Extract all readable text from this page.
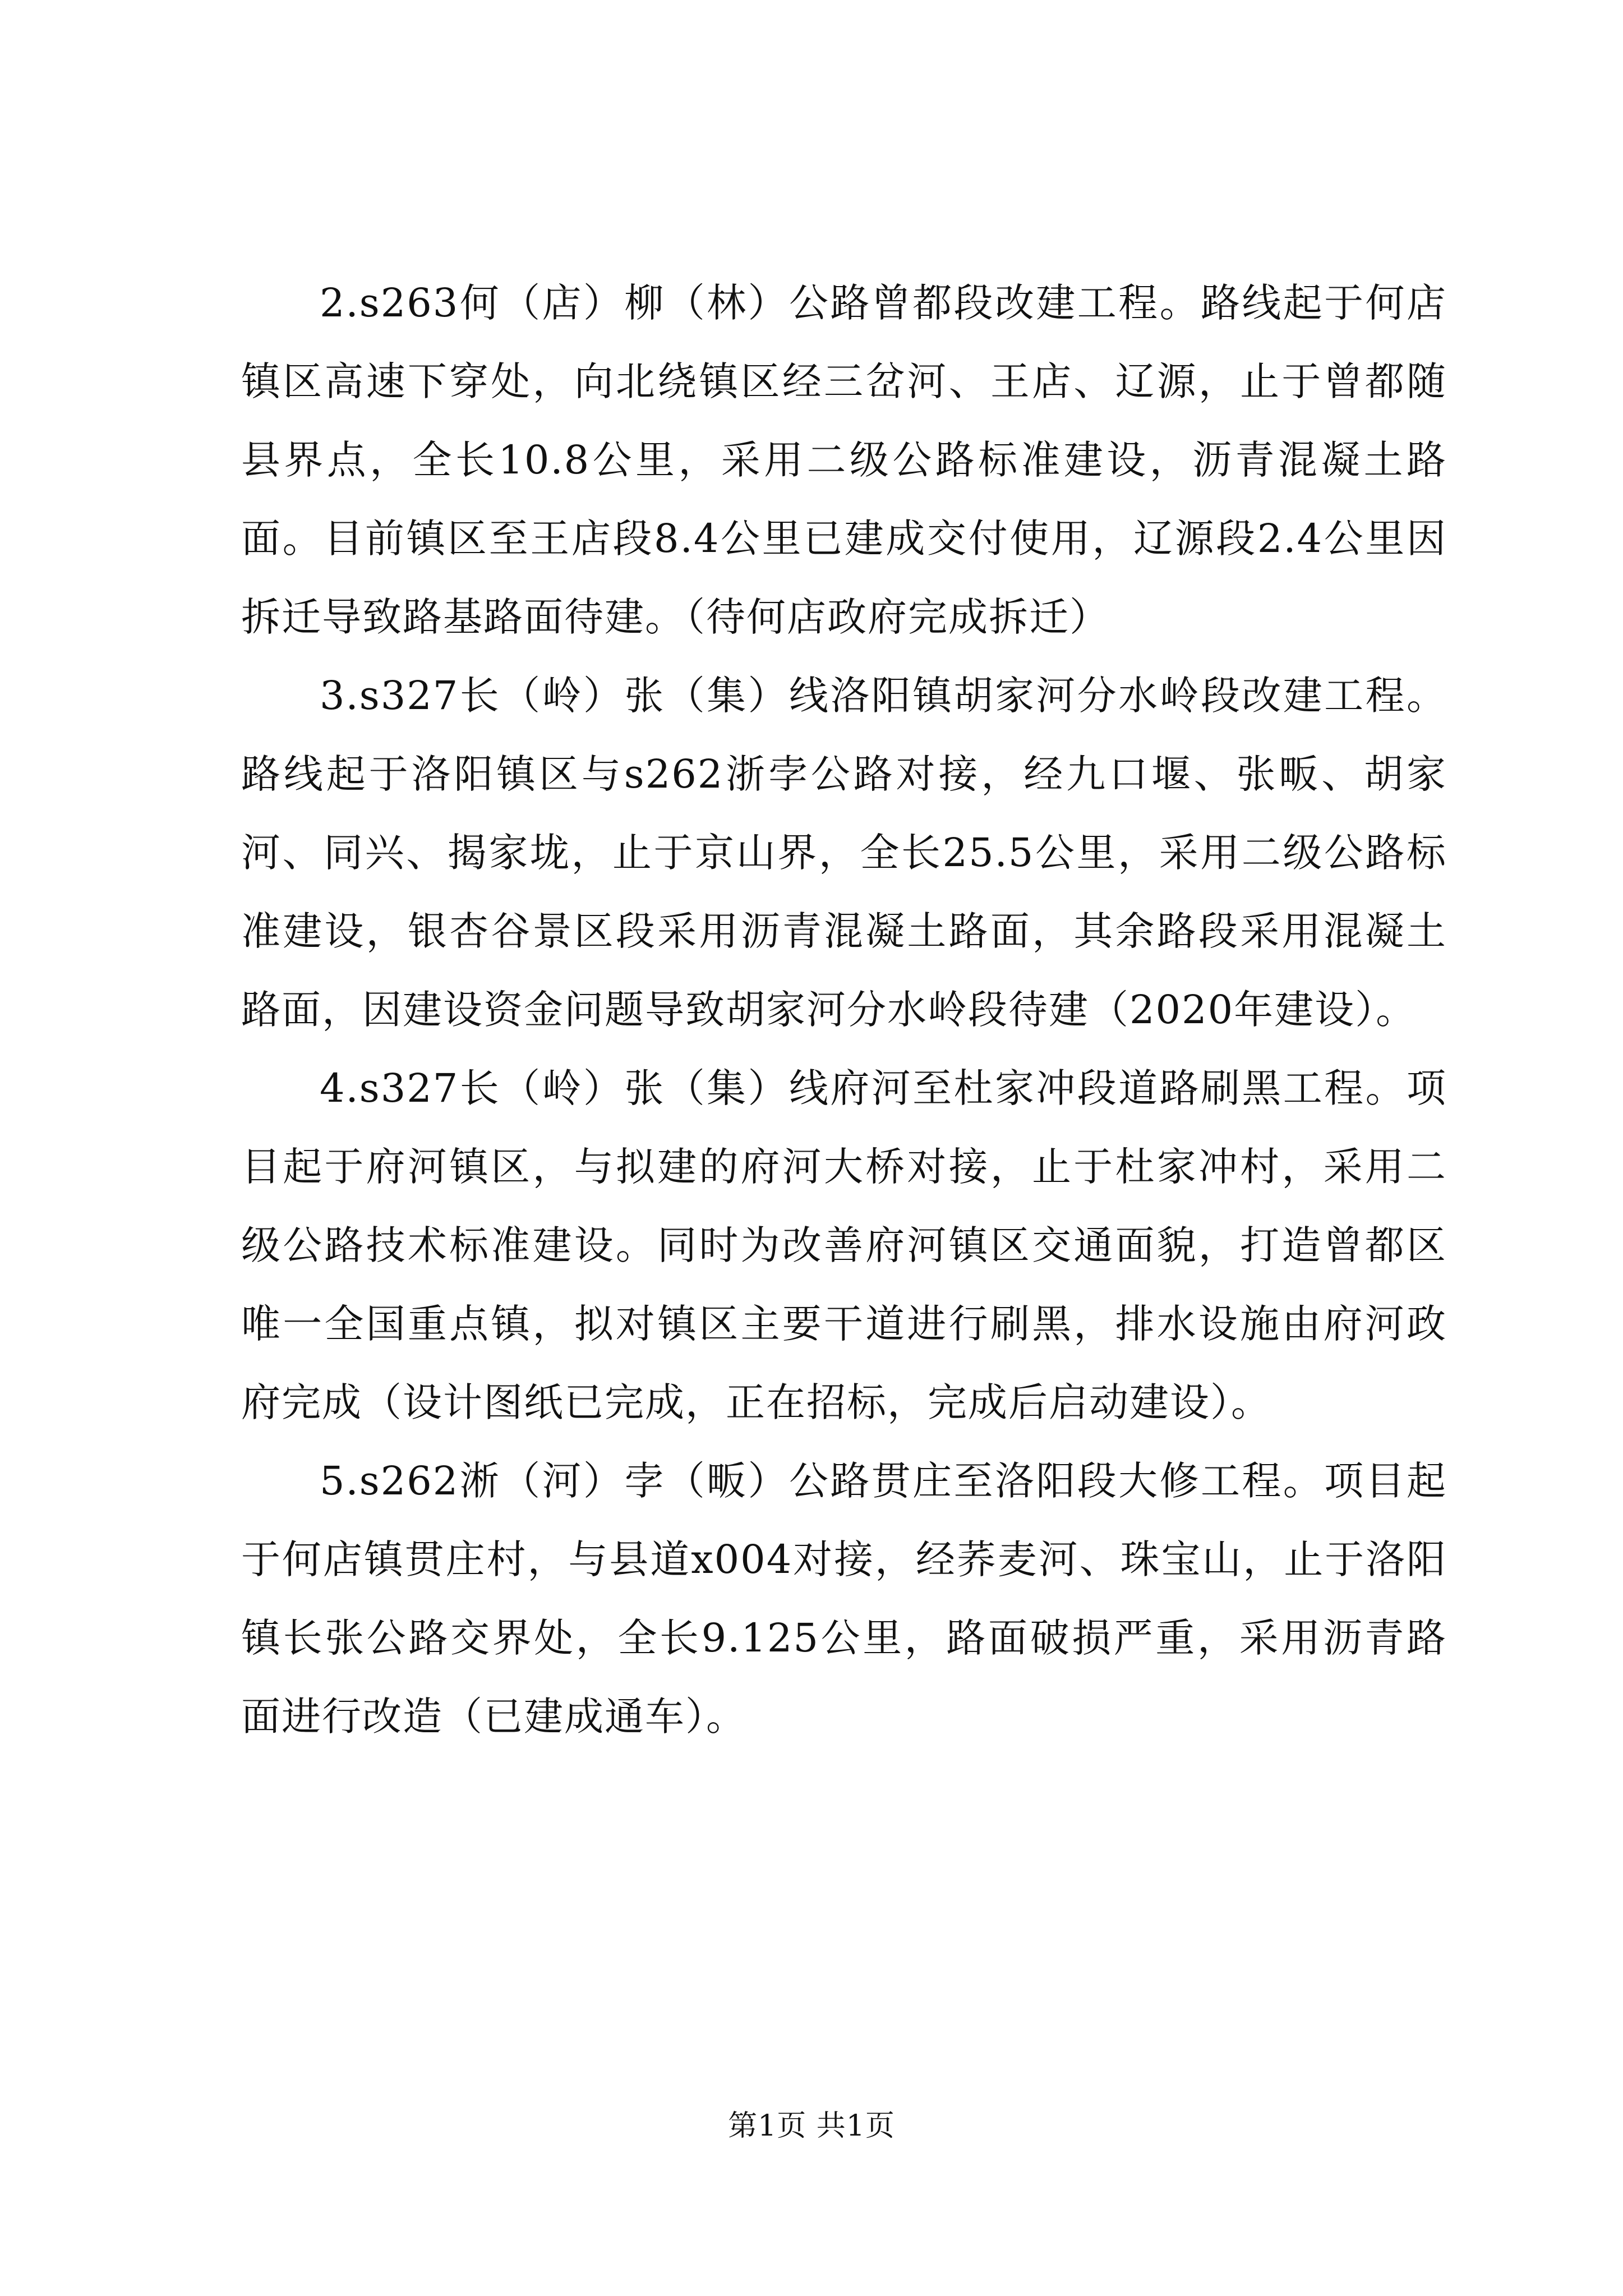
2.s263何（店）柳（林）公路曾都段改建工程。路线起于何店镇区高速下穿处，向北绕镇区经三岔河、王店、辽源，止于曾都随县界点，全长10.8公里，采用二级公路标准建设，沥青混凝土路面。目前镇区至王店段8.4公里已建成交付使用，辽源段2.4公里因拆迁导致路基路面待建。（待何店政府完成拆迁）

3.s327长（岭）张（集）线洛阳镇胡家河分水岭段改建工程。路线起于洛阳镇区与s262浙孛公路对接，经九口堰、张畈、胡家河、同兴、揭家垅，止于京山界，全长25.5公里，采用二级公路标准建设，银杏谷景区段采用沥青混凝土路面，其余路段采用混凝土路面，因建设资金问题导致胡家河分水岭段待建（2020年建设）。

4.s327长（岭）张（集）线府河至杜家冲段道路刷黑工程。项目起于府河镇区，与拟建的府河大桥对接，止于杜家冲村，采用二级公路技术标准建设。同时为改善府河镇区交通面貌，打造曾都区唯一全国重点镇，拟对镇区主要干道进行刷黑，排水设施由府河政府完成（设计图纸已完成，正在招标，完成后启动建设）。

5.s262淅（河）孛（畈）公路贯庄至洛阳段大修工程。项目起于何店镇贯庄村，与县道x004对接，经荞麦河、珠宝山，止于洛阳镇长张公路交界处，全长9.125公里，路面破损严重，采用沥青路面进行改造（已建成通车）。

第1页 共1页
